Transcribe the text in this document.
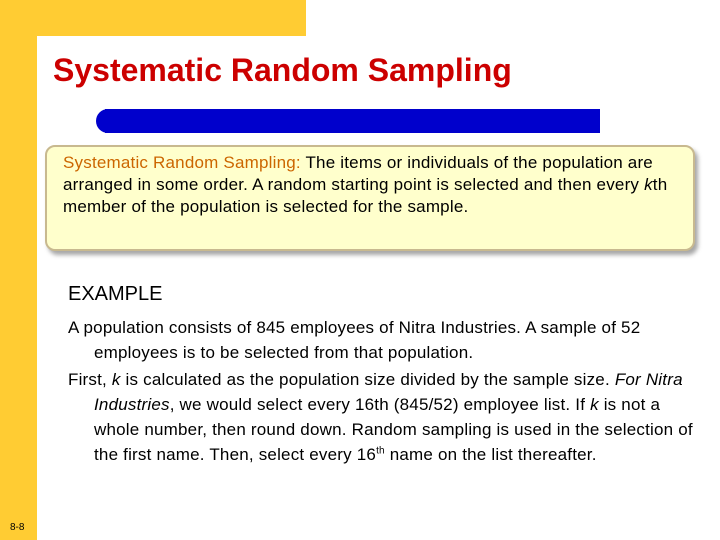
Systematic Random Sampling
Systematic Random Sampling: The items or individuals of the population are arranged in some order. A random starting point is selected and then every kth member of the population is selected for the sample.
EXAMPLE

A population consists of 845 employees of Nitra Industries. A sample of 52 employees is to be selected from that population.

First, k is calculated as the population size divided by the sample size. For Nitra Industries, we would select every 16th (845/52) employee list. If k is not a whole number, then round down. Random sampling is used in the selection of the first name. Then, select every 16th name on the list thereafter.

8-8
